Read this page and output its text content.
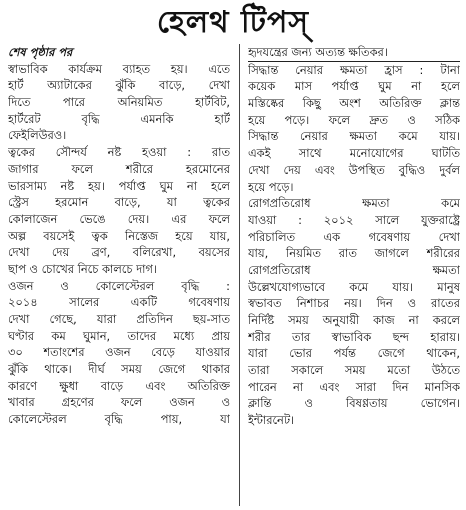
হেলথ টিপস্
শেষ পৃষ্ঠার পর
স্বাভাবিক কার্যক্রম ব্যাহত হয়। এতে
হার্ট অ্যাটাকের ঝুঁকি বাড়ে, দেখা
দিতে পারে অনিয়মিত হার্টবিট,
হার্টরেট বৃদ্ধি এমনকি হার্ট
ফেইলিউরও।
ত্বকের সৌন্দর্য নষ্ট হওয়া : রাত
জাগার ফলে শরীরে হরমোনের
ভারসাম্য নষ্ট হয়। পর্যাপ্ত ঘুম না হলে
স্ট্রেস হরমোন বাড়ে, যা ত্বকের
কোলাজেন ভেঙে দেয়। এর ফলে
অল্প বয়সেই ত্বক নিস্তেজ হয়ে যায়,
দেখা দেয় ব্রণ, বলিরেখা, বয়সের
ছাপ ও চোখের নিচে কালচে দাগ।
ওজন ও কোলেস্টেরল বৃদ্ধি :
২০১৪ সালের একটি গবেষণায়
দেখা গেছে, যারা প্রতিদিন ছয়-সাত
ঘণ্টার কম ঘুমান, তাদের মধ্যে প্রায়
৩০ শতাংশের ওজন বেড়ে যাওয়ার
ঝুঁকি থাকে। দীর্ঘ সময় জেগে থাকার
কারণে ক্ষুধা বাড়ে এবং অতিরিক্ত
খাবার গ্রহণের ফলে ওজন ও
কোলেস্টেরল বৃদ্ধি পায়, যা
হৃদযন্ত্রের জন্য অত্যন্ত ক্ষতিকর।
সিদ্ধান্ত নেয়ার ক্ষমতা হ্রাস : টানা
কয়েক মাস পর্যাপ্ত ঘুম না হলে
মস্তিষ্কের কিছু অংশ অতিরিক্ত ক্লান্ত
হয়ে পড়ে। ফলে দ্রুত ও সঠিক
সিদ্ধান্ত নেয়ার ক্ষমতা কমে যায়।
একই সাথে মনোযোগের ঘাটতি
দেখা দেয় এবং উপস্থিত বুদ্ধিও দুর্বল
হয়ে পড়ে।
রোগপ্রতিরোধ ক্ষমতা কমে
যাওয়া : ২০১২ সালে যুক্তরাষ্ট্রে
পরিচালিত এক গবেষণায় দেখা
যায়, নিয়মিত রাত জাগলে শরীরের
রোগপ্রতিরোধ ক্ষমতা
উল্লেখযোগ্যভাবে কমে যায়। মানুষ
স্বভাবত নিশাচর নয়। দিন ও রাতের
নির্দিষ্ট সময় অনুযায়ী কাজ না করলে
শরীর তার স্বাভাবিক ছন্দ হারায়।
যারা ভোর পর্যন্ত জেগে থাকেন,
তারা সকালে সময় মতো উঠতে
পারেন না এবং সারা দিন মানসিক
ক্লান্তি ও বিষণ্ণতায় ভোগেন।
ইন্টারনেট।
